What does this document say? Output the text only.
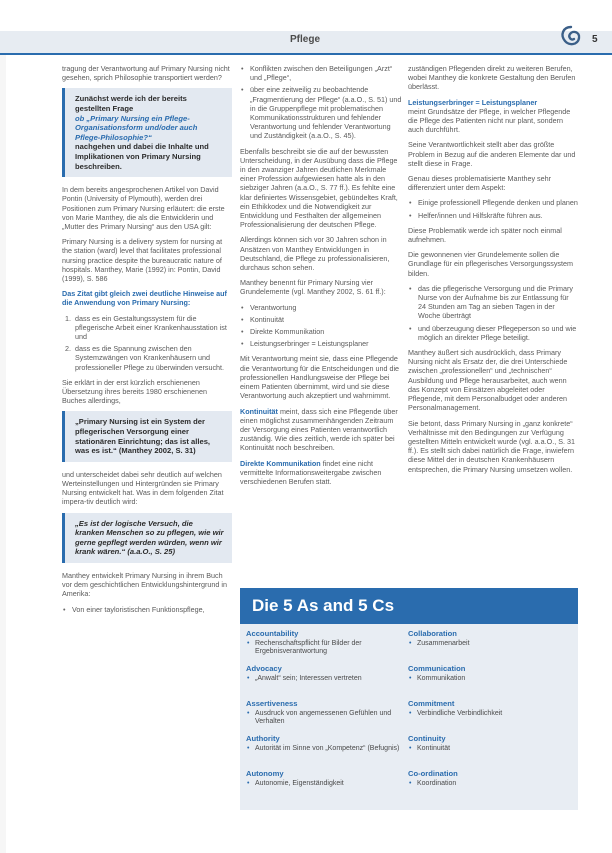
Pflege	5

tragung der Verantwortung auf Primary Nursing nicht gesehen, sprich Philosophie transportiert werden?

Zunächst werde ich der bereits gestellten Frage
ob „Primary Nursing ein Pflege-Organisationsform und/oder auch Pflege-Philosophie?“
nachgehen und dabei die Inhalte und Implikationen von Primary Nursing beschreiben.

In dem bereits angesprochenen Artikel von David Pontin (University of Plymouth), werden drei Positionen zum Primary Nursing erläutert: die erste von Marie Manthey, die als die Entwicklerin und „Mutter des Primary Nursing“ aus den USA gilt:

Primary Nursing is a delivery system for nursing at the station (ward) level that facilitates professional nursing practice despite the bureaucratic nature of hospitals. Manthey, Marie (1992) in: Pontin, David (1999), S. 586

Das Zitat gibt gleich zwei deutliche Hinweise auf die Anwendung von Primary Nursing:

1. dass es ein Gestaltungssystem für die pflegerische Arbeit einer Krankenhausstation ist und
2. dass es die Spannung zwischen den Systemzwängen von Krankenhäusern und professioneller Pflege zu überwinden versucht.

Sie erklärt in der erst kürzlich erschienenen Übersetzung ihres bereits 1980 erschienenen Buches allerdings,

„Primary Nursing ist ein System der pflegerischen Versorgung einer stationären Einrichtung; das ist alles, was es ist.“ (Manthey 2002, S. 31)

und unterscheidet dabei sehr deutlich auf welchen Werteinstellungen und Hintergründen sie Primary Nursing entwickelt hat. Was in dem folgenden Zitat impera-tiv deutlich wird:

„Es ist der logische Versuch, die kranken Menschen so zu pflegen, wie wir gerne gepflegt werden würden, wenn wir krank wären.“ (a.a.O., S. 25)

Manthey entwickelt Primary Nursing in ihrem Buch vor dem geschichtlichen Entwicklungshintergrund in Amerika:

• Von einer tayloristischen Funktionspflege,
• Konflikten zwischen den Beteiligungen „Arzt“ und „Pflege“,
• über eine zeitweilig zu beobachtende „Fragmentierung der Pflege“ (a.a.O., S. 51) und in die Gruppenpflege mit problematischen Kommunikationsstrukturen und fehlender Verantwortung und fehlender Verantwortung und Zuständigkeit (a.a.O., S. 45).

Ebenfalls beschreibt sie die auf der bewussten Unterscheidung, in der Ausübung dass die Pflege in den zwanziger Jahren deutlichen Merkmale einer Profession aufgewiesen hatte als in den siebziger Jahren (a.a.O., S. 77 ff.). Es fehlte eine klar definiertes Wissensgebiet, gebündeltes Kraft, ein Ethikkodex und die Notwendigkeit zur Entwicklung und Festhalten der allgemeinen Professionalisierung der deutschen Pflege.

Allerdings können sich vor 30 Jahren schon in Ansätzen von Manthey Entwicklungen in Deutschland, die Pflege zu professionalisieren, durchaus schon sehen.

Manthey benennt für Primary Nursing vier Grundelemente (vgl. Manthey 2002, S. 61 ff.):

• Verantwortung
• Kontinuität
• Direkte Kommunikation
• Leistungserbringer = Leistungsplaner

Mit Verantwortung meint sie, dass eine Pflegende die Verantwortung für die Entscheidungen und die professionellen Handlungsweise der Pflege bei einem Patienten übernimmt, wird und sie diese Verantwortung auch akzeptiert und wahrnimmt.

Kontinuität meint, dass sich eine Pflegende über einen möglichst zusammenhängenden Zeitraum der Versorgung eines Patienten verantwortlich zuständig. Wie dies zeitlich, werde ich später bei Kontinuität noch beschreiben.

Direkte Kommunikation findet eine nicht vermittelte Informationsweitergabe zwischen verschiedenen Berufen statt.

zuständigen Pflegenden direkt zu weiteren Berufen, wobei Manthey die konkrete Gestaltung den Berufen überlässt.

Leistungserbringer = Leistungsplaner
meint Grundsätze der Pflege, in welcher Pflegende die Pflege des Patienten nicht nur plant, sondern auch durchführt.

Seine Verantwortlichkeit stellt aber das größte Problem in Bezug auf die anderen Elemente dar und stellt diese in Frage.

Genau dieses problematisierte Manthey sehr differenziert unter dem Aspekt:

• Einige professionell Pflegende denken und planen
• Helfer/innen und Hilfskräfte führen aus.

Diese Problematik werde ich später noch einmal aufnehmen.

Die gewonnenen vier Grundelemente sollen die Grundlage für ein pflegerisches Versorgungssystem bilden.

• das die pflegerische Versorgung und die Primary Nurse von der Aufnahme bis zur Entlassung für 24 Stunden am Tag an sieben Tagen in der Woche überträgt
• und überzeugung dieser Pflegeperson so und wie möglich an direkter Pflege beteiligt.

Manthey äußert sich ausdrücklich, dass Primary Nursing nicht als Ersatz der, die drei Unterschiede zwischen „professionellen“ und „technischen“ Ausbildung und Pflege herausarbeitet, auch wenn das Konzept von Einsätzen abgeleitet oder Pflegende, mit dem Personalbudget oder anderen Personalmanagement.

Sie betont, dass Primary Nursing in „ganz konkrete“ Verhältnisse mit den Bedingungen zur Verfügung gestellten Mitteln entwickelt wurde (vgl. a.a.O., S. 31 ff.). Es stellt sich dabei natürlich die Frage, inwiefern diese Mittel der in deutschen Krankenhäusern entsprechen, die Primary Nursing umsetzen wollen.

Die 5 As and 5 Cs
Accountability
• Rechenschaftspflicht für Bilder der Ergebnisverantwortung
Advocacy
• „Anwalt“ sein; Interessen vertreten
Assertiveness
• Ausdruck von angemessenen Gefühlen und Verhalten
Authority
• Autorität im Sinne von „Kompetenz“ (Befugnis)
Autonomy
• Autonomie, Eigenständigkeit
Collaboration
• Zusammenarbeit
Communication
• Kommunikation
Commitment
• Verbindliche Verbindlichkeit
Continuity
• Kontinuität
Co-ordination
• Koordination
